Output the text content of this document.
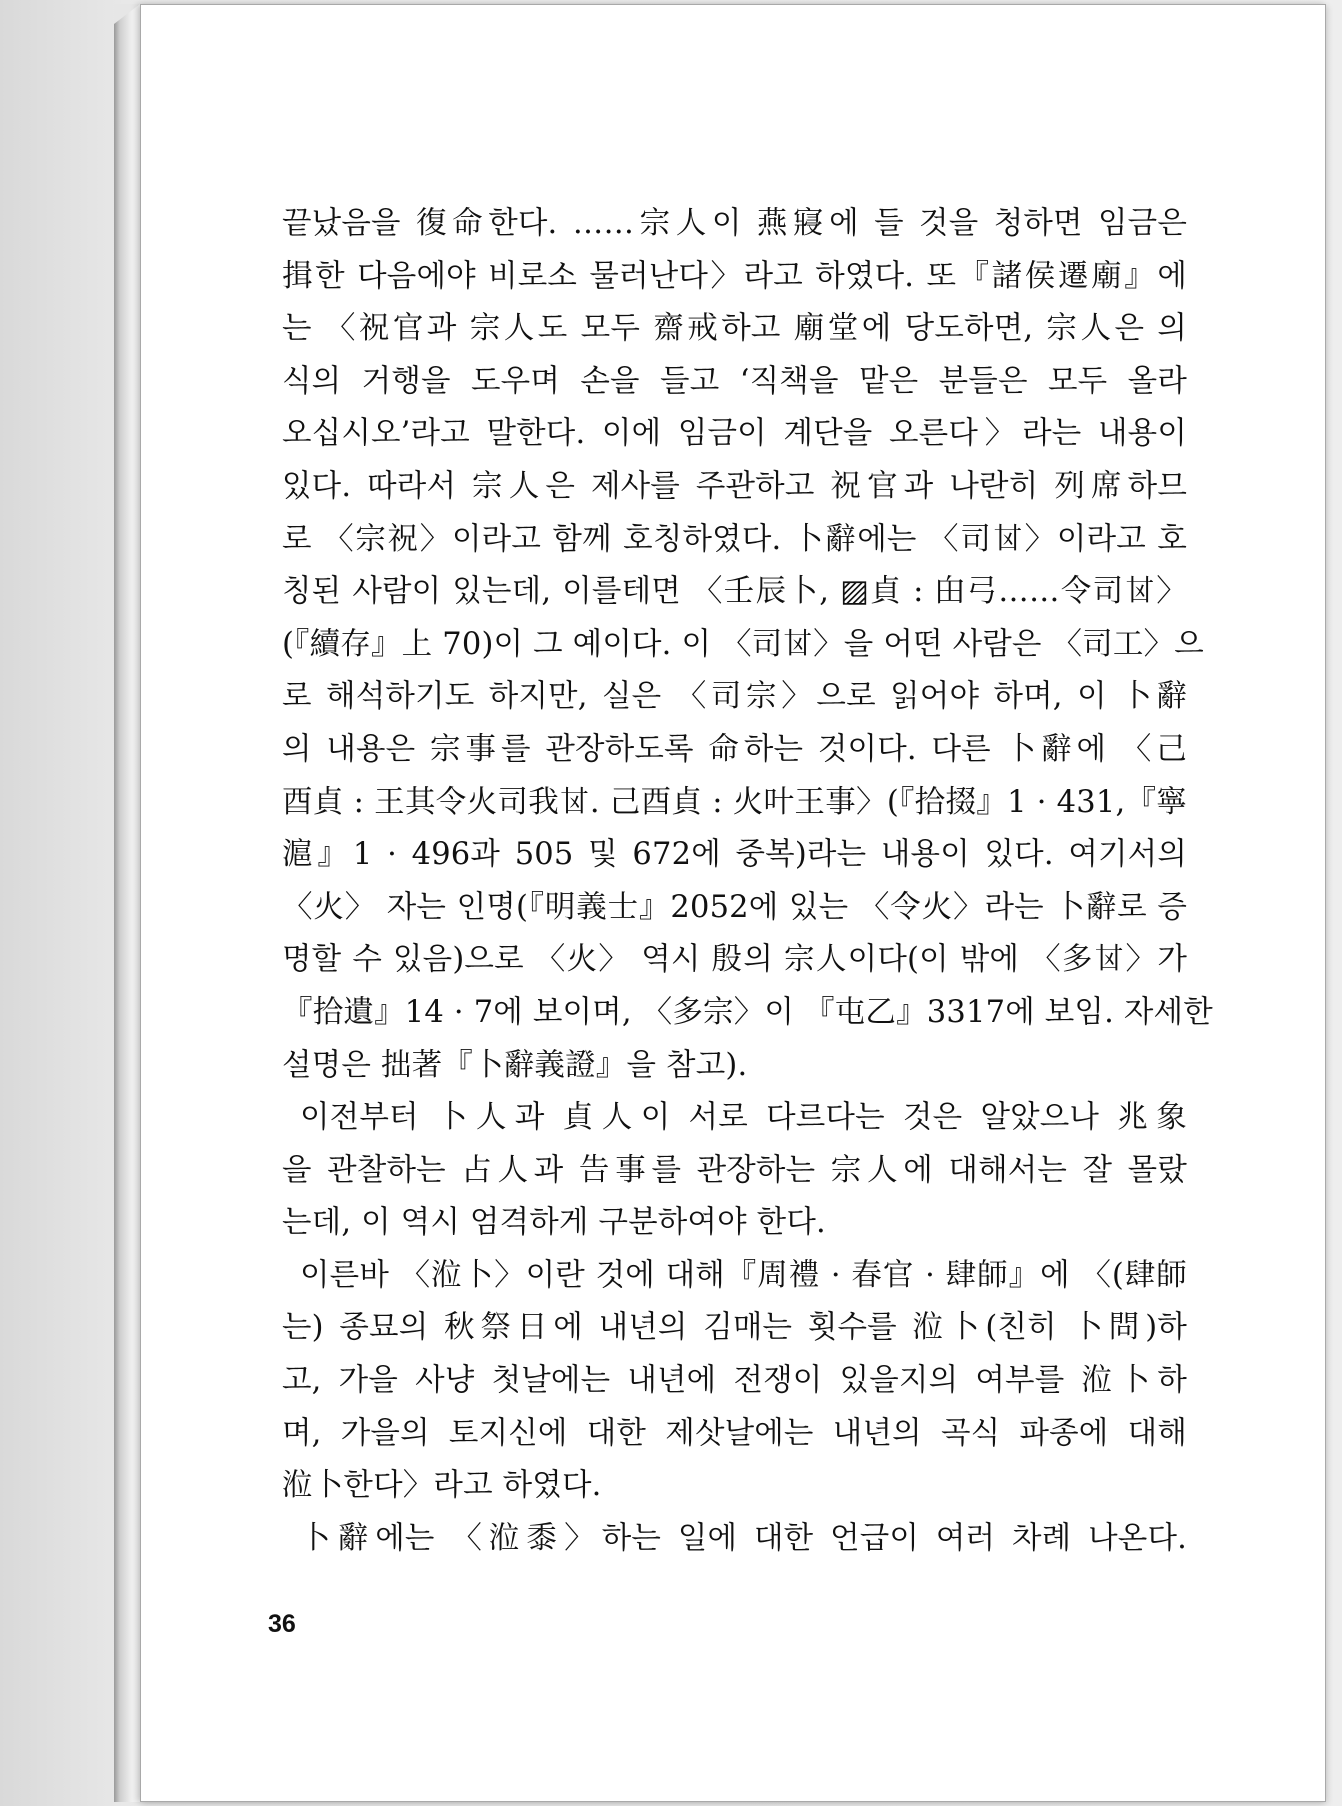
끝났음을 復命한다. ……宗人이 燕寢에 들 것을 청하면 임금은
揖한 다음에야 비로소 물러난다〉라고 하였다. 또『諸侯遷廟』에
는 〈祝官과 宗人도 모두 齋戒하고 廟堂에 당도하면, 宗人은 의
식의 거행을 도우며 손을 들고 ‘직책을 맡은 분들은 모두 올라
오십시오’라고 말한다. 이에 임금이 계단을 오른다〉라는 내용이
있다. 따라서 宗人은 제사를 주관하고 祝官과 나란히 列席하므
로 〈宗祝〉이라고 함께 호칭하였다. 卜辭에는 〈司𠀠〉이라고 호
칭된 사람이 있는데, 이를테면 〈壬辰卜, ▨貞 : 甶弓……令司𠀠〉
(『續存』上 70)이 그 예이다. 이 〈司𠀠〉을 어떤 사람은 〈司工〉으
로 해석하기도 하지만, 실은 〈司宗〉으로 읽어야 하며, 이 卜辭
의 내용은 宗事를 관장하도록 命하는 것이다. 다른 卜辭에 〈己
酉貞 : 王其令火司我𠀠. 己酉貞 : 火叶王事〉(『拾掇』1 · 431,『寧
滬』1 · 496과 505 및 672에 중복)라는 내용이 있다. 여기서의
〈火〉 자는 인명(『明義士』2052에 있는 〈令火〉라는 卜辭로 증
명할 수 있음)으로 〈火〉 역시 殷의 宗人이다(이 밖에 〈多𠀠〉가
『拾遺』14 · 7에 보이며, 〈多宗〉이 『屯乙』3317에 보임. 자세한
설명은 拙著『卜辭義證』을 참고).
이전부터 卜人과 貞人이 서로 다르다는 것은 알았으나 兆象
을 관찰하는 占人과 告事를 관장하는 宗人에 대해서는 잘 몰랐
는데, 이 역시 엄격하게 구분하여야 한다.
이른바 〈涖卜〉이란 것에 대해『周禮 · 春官 · 肆師』에 〈(肆師
는) 종묘의 秋祭日에 내년의 김매는 횟수를 涖卜(친히 卜問)하
고, 가을 사냥 첫날에는 내년에 전쟁이 있을지의 여부를 涖卜하
며, 가을의 토지신에 대한 제삿날에는 내년의 곡식 파종에 대해
涖卜한다〉라고 하였다.
卜辭에는 〈涖黍〉하는 일에 대한 언급이 여러 차례 나온다.
36
